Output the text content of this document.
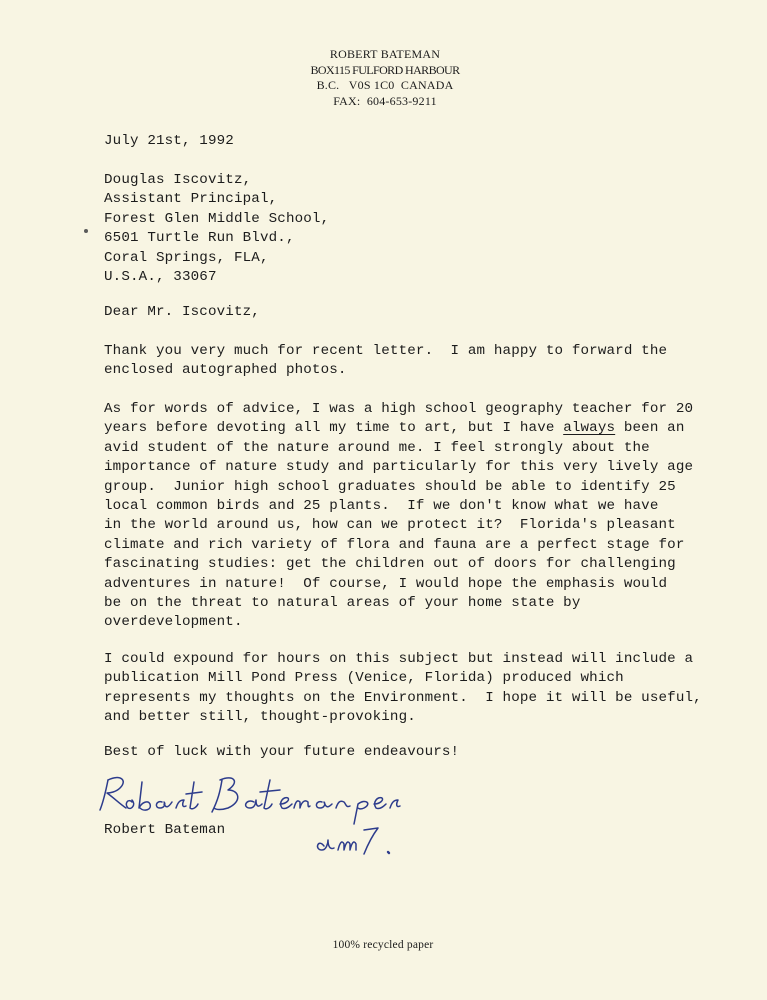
ROBERT BATEMAN
BOX115 FULFORD HARBOUR
B.C.   V0S 1C0  CANADA
FAX:  604-653-9211
July 21st, 1992
Douglas Iscovitz,
Assistant Principal,
Forest Glen Middle School,
6501 Turtle Run Blvd.,
Coral Springs, FLA,
U.S.A., 33067
Dear Mr. Iscovitz,
Thank you very much for recent letter.  I am happy to forward the
enclosed autographed photos.
As for words of advice, I was a high school geography teacher for 20
years before devoting all my time to art, but I have always been an
avid student of the nature around me. I feel strongly about the
importance of nature study and particularly for this very lively age
group.  Junior high school graduates should be able to identify 25
local common birds and 25 plants.  If we don't know what we have
in the world around us, how can we protect it?  Florida's pleasant
climate and rich variety of flora and fauna are a perfect stage for
fascinating studies: get the children out of doors for challenging
adventures in nature!  Of course, I would hope the emphasis would
be on the threat to natural areas of your home state by
overdevelopment.
I could expound for hours on this subject but instead will include a
publication Mill Pond Press (Venice, Florida) produced which
represents my thoughts on the Environment.  I hope it will be useful,
and better still, thought-provoking.
Best of luck with your future endeavours!
Robert Bateman
100% recycled paper
